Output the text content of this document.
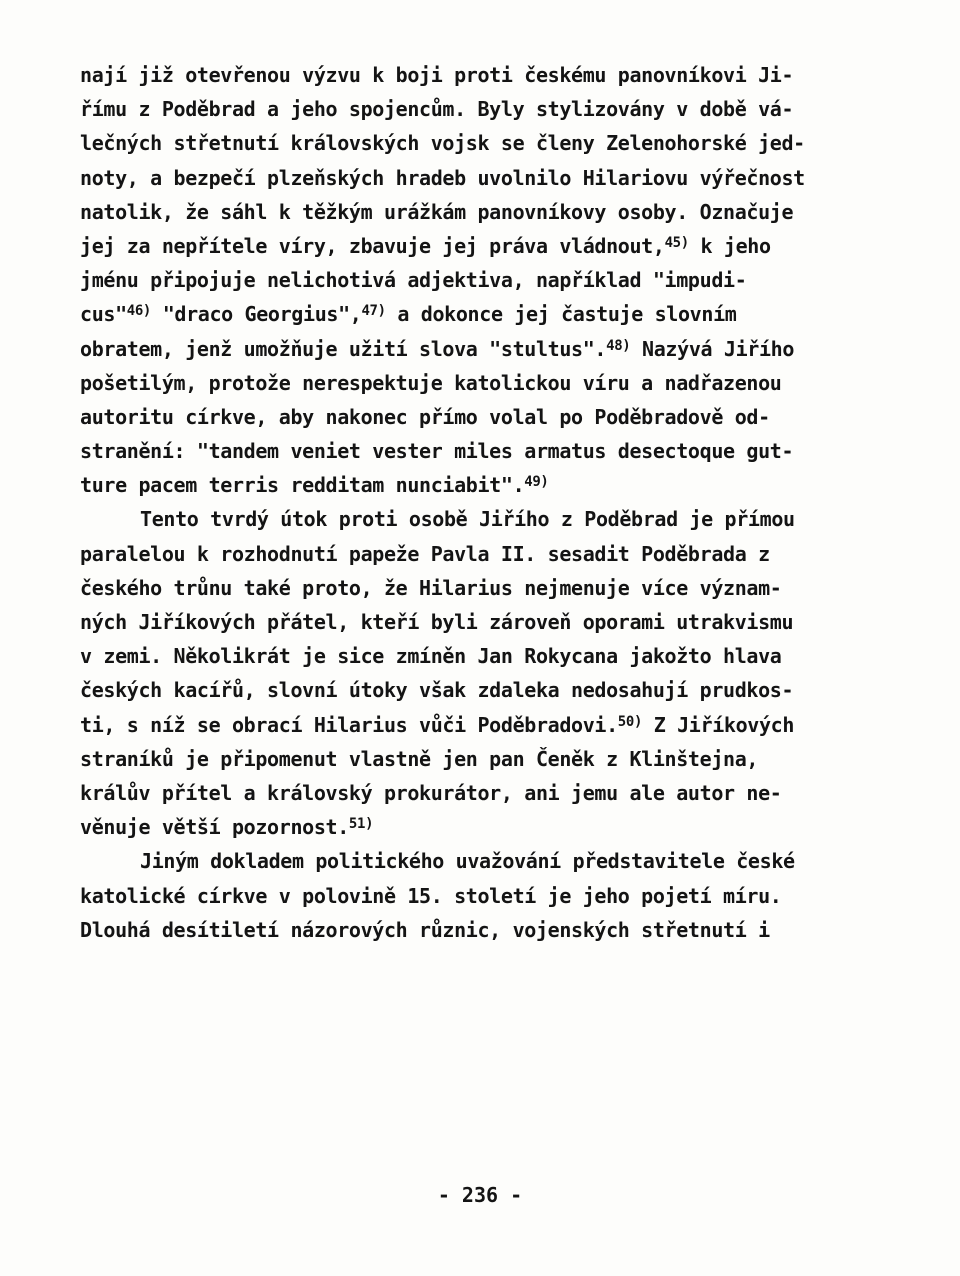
nají již otevřenou výzvu k boji proti českému panovníkovi Ji-
římu z Poděbrad a jeho spojencům. Byly stylizovány v době vá-
lečných střetnutí královských vojsk se členy Zelenohorské jed-
noty, a bezpečí plzeňských hradeb uvolnilo Hilariovu výřečnost
natolik, že sáhl k těžkým urážkám panovníkovy osoby. Označuje
jej za nepřítele víry, zbavuje jej práva vládnout,$^{45)}$ k jeho
jménu připojuje nelichotivá adjektiva, například "impudi-
cus"$^{46)}$ "draco Georgius",$^{47)}$ a dokonce jej častuje slovním
obratem, jenž umožňuje užití slova "stultus".$^{48)}$ Nazývá Jiřího
pošetilým, protože nerespektuje katolickou víru a nadřazenou
autoritu církve, aby nakonec přímo volal po Poděbradově od-
stranění: "tandem veniet vester miles armatus desectoque gut-
ture pacem terris redditam nunciabit".$^{49)}$
Tento tvrdý útok proti osobě Jiřího z Poděbrad je přímou
paralelou k rozhodnutí papeže Pavla II. sesadit Poděbrada z
českého trůnu také proto, že Hilarius nejmenuje více význam-
ných Jiříkových přátel, kteří byli zároveň oporami utrakvismu
v zemi. Několikrát je sice zmíněn Jan Rokycana jakožto hlava
českých kacířů, slovní útoky však zdaleka nedosahují prudkos-
ti, s níž se obrací Hilarius vůči Poděbradovi.$^{50)}$ Z Jiříkových
straníků je připomenut vlastně jen pan Čeněk z Klinštejna,
králův přítel a královský prokurátor, ani jemu ale autor ne-
věnuje větší pozornost.$^{51)}$
Jiným dokladem politického uvažování představitele české
katolické církve v polovině 15. století je jeho pojetí míru.
Dlouhá desítiletí názorových různic, vojenských střetnutí i
- 236 -
